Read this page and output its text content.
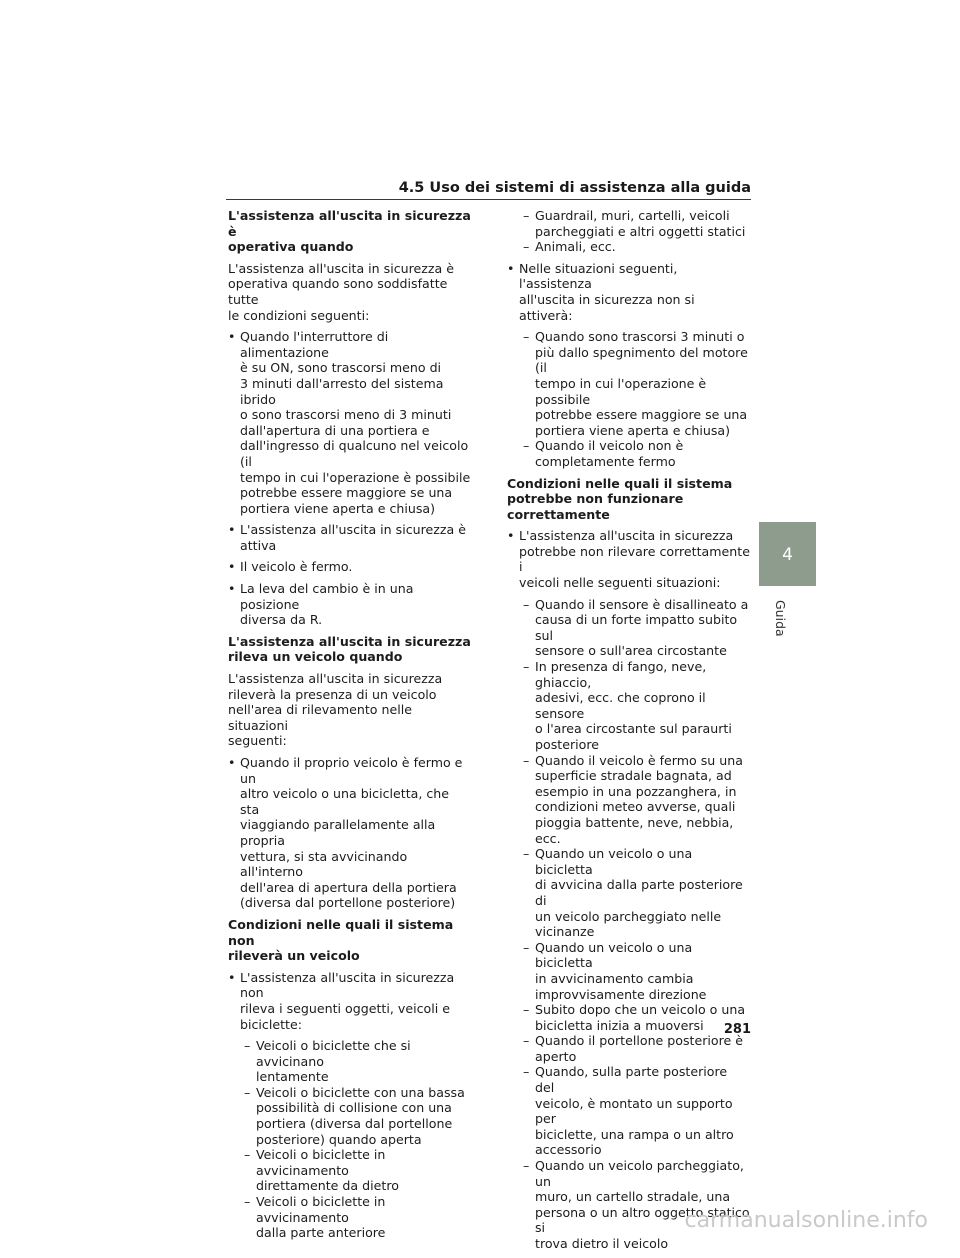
4.5 Uso dei sistemi di assistenza alla guida
L'assistenza all'uscita in sicurezza è
operativa quando
L'assistenza all'uscita in sicurezza è
operativa quando sono soddisfatte tutte
le condizioni seguenti:
• Quando l'interruttore di alimentazione
è su ON, sono trascorsi meno di
3 minuti dall'arresto del sistema ibrido
o sono trascorsi meno di 3 minuti
dall'apertura di una portiera e
dall'ingresso di qualcuno nel veicolo (il
tempo in cui l'operazione è possibile
potrebbe essere maggiore se una
portiera viene aperta e chiusa)
• L'assistenza all'uscita in sicurezza è
attiva
• Il veicolo è fermo.
• La leva del cambio è in una posizione
diversa da R.
L'assistenza all'uscita in sicurezza
rileva un veicolo quando
L'assistenza all'uscita in sicurezza
rileverà la presenza di un veicolo
nell'area di rilevamento nelle situazioni
seguenti:
• Quando il proprio veicolo è fermo e un
altro veicolo o una bicicletta, che sta
viaggiando parallelamente alla propria
vettura, si sta avvicinando all'interno
dell'area di apertura della portiera
(diversa dal portellone posteriore)
Condizioni nelle quali il sistema non
rileverà un veicolo
• L'assistenza all'uscita in sicurezza non
rileva i seguenti oggetti, veicoli e
biciclette:
– Veicoli o biciclette che si avvicinano
lentamente
– Veicoli o biciclette con una bassa
possibilità di collisione con una
portiera (diversa dal portellone
posteriore) quando aperta
– Veicoli o biciclette in avvicinamento
direttamente da dietro
– Veicoli o biciclette in avvicinamento
dalla parte anteriore
– Guardrail, muri, cartelli, veicoli
parcheggiati e altri oggetti statici
– Animali, ecc.
• Nelle situazioni seguenti, l'assistenza
all'uscita in sicurezza non si attiverà:
– Quando sono trascorsi 3 minuti o
più dallo spegnimento del motore (il
tempo in cui l'operazione è possibile
potrebbe essere maggiore se una
portiera viene aperta e chiusa)
– Quando il veicolo non è
completamente fermo
Condizioni nelle quali il sistema
potrebbe non funzionare
correttamente
• L'assistenza all'uscita in sicurezza
potrebbe non rilevare correttamente i
veicoli nelle seguenti situazioni:
– Quando il sensore è disallineato a
causa di un forte impatto subito sul
sensore o sull'area circostante
– In presenza di fango, neve, ghiaccio,
adesivi, ecc. che coprono il sensore
o l'area circostante sul paraurti
posteriore
– Quando il veicolo è fermo su una
superficie stradale bagnata, ad
esempio in una pozzanghera, in
condizioni meteo avverse, quali
pioggia battente, neve, nebbia, ecc.
– Quando un veicolo o una bicicletta
di avvicina dalla parte posteriore di
un veicolo parcheggiato nelle
vicinanze
– Quando un veicolo o una bicicletta
in avvicinamento cambia
improvvisamente direzione
– Subito dopo che un veicolo o una
bicicletta inizia a muoversi
– Quando il portellone posteriore è
aperto
– Quando, sulla parte posteriore del
veicolo, è montato un supporto per
biciclette, una rampa o un altro
accessorio
– Quando un veicolo parcheggiato, un
muro, un cartello stradale, una
persona o un altro oggetto statico si
trova dietro il veicolo
4
Guida
281
carmanualsonline.info
